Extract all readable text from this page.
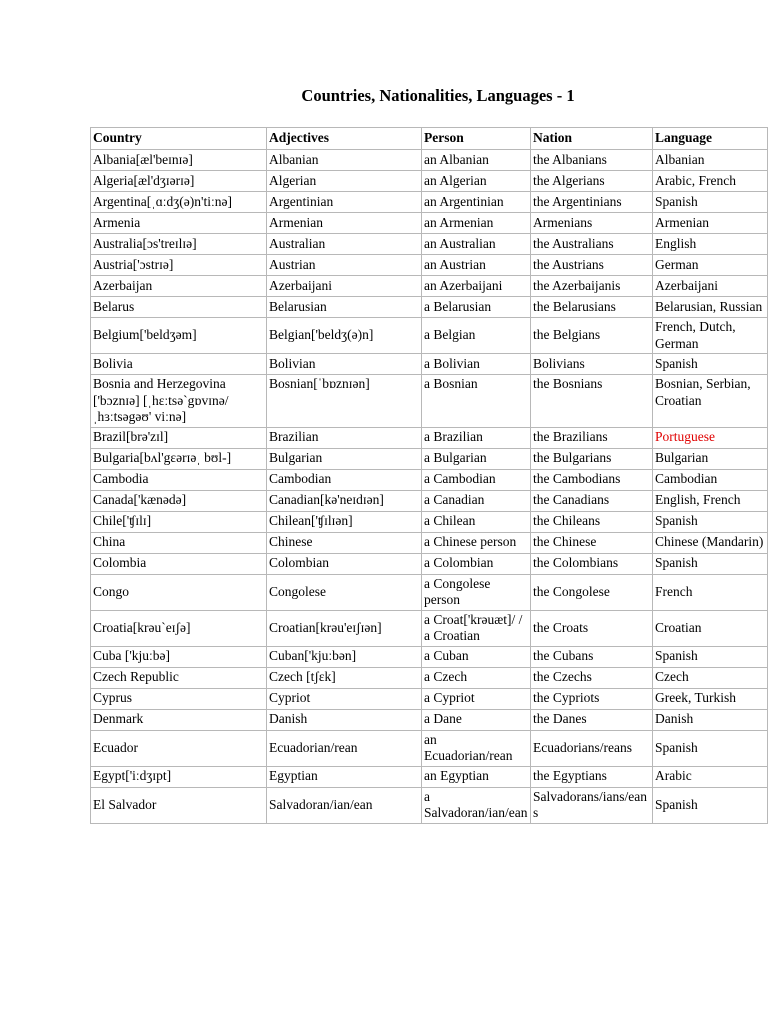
Countries, Nationalities, Languages - 1
Country	Adjectives	Person	Nation	Language
Albania[æl'beɪnɪə]	Albanian	an Albanian	the Albanians	Albanian
Algeria[æl'dʒɪərɪə]	Algerian	an Algerian	the Algerians	Arabic, French
Argentina[ˌɑːdʒ(ə)n'tiːnə]	Argentinian	an Argentinian	the Argentinians	Spanish
Armenia	Armenian	an Armenian	Armenians	Armenian
Australia[ɔs'treɪlɪə]	Australian	an Australian	the Australians	English
Austria['ɔstrɪə]	Austrian	an Austrian	the Austrians	German
Azerbaijan	Azerbaijani	an Azerbaijani	the Azerbaijanis	Azerbaijani
Belarus	Belarusian	a Belarusian	the Belarusians	Belarusian, Russian
Belgium['beldʒəm]	Belgian['beldʒ(ə)n]	a Belgian	the Belgians	French, Dutch, German
Bolivia	Bolivian	a Bolivian	Bolivians	Spanish
Bosnia and Herzegovina ['bɔznɪə] [ˌhɛːtsə`gɒvɪnə/ˌhɜːtsəgəʊ' viːnə]	Bosnian[ˈbɒznɪən]	a Bosnian	the Bosnians	Bosnian, Serbian, Croatian
Brazil[brə'zɪl]	Brazilian	a Brazilian	the Brazilians	Portuguese
Bulgaria[bʌl'gɛərɪəˌ bʊl-]	Bulgarian	a Bulgarian	the Bulgarians	Bulgarian
Cambodia	Cambodian	a Cambodian	the Cambodians	Cambodian
Canada['kænədə]	Canadian[kə'neɪdɪən]	a Canadian	the Canadians	English, French
Chile['ʧɪlɪ]	Chilean['ʧɪlɪən]	a Chilean	the Chileans	Spanish
China	Chinese	a Chinese person	the Chinese	Chinese (Mandarin)
Colombia	Colombian	a Colombian	the Colombians	Spanish
Congo	Congolese	a Congolese person	the Congolese	French
Croatia[krəuˋeɪʃə]	Croatian[krəu'eɪʃɪən]	a Croat['krəuæt]/ / a Croatian	the Croats	Croatian
Cuba ['kjuːbə]	Cuban['kjuːbən]	a Cuban	the Cubans	Spanish
Czech Republic	Czech [tʃɛk]	a Czech	the Czechs	Czech
Cyprus	Cypriot	a Cypriot	the Cypriots	Greek, Turkish
Denmark	Danish	a Dane	the Danes	Danish
Ecuador	Ecuadorian/rean	an Ecuadorian/rean	Ecuadorians/reans	Spanish
Egypt['iːdʒɪpt]	Egyptian	an Egyptian	the Egyptians	Arabic
El Salvador	Salvadoran/ian/ean	a Salvadoran/ian/ean	Salvadorans/ians/eans	Spanish
